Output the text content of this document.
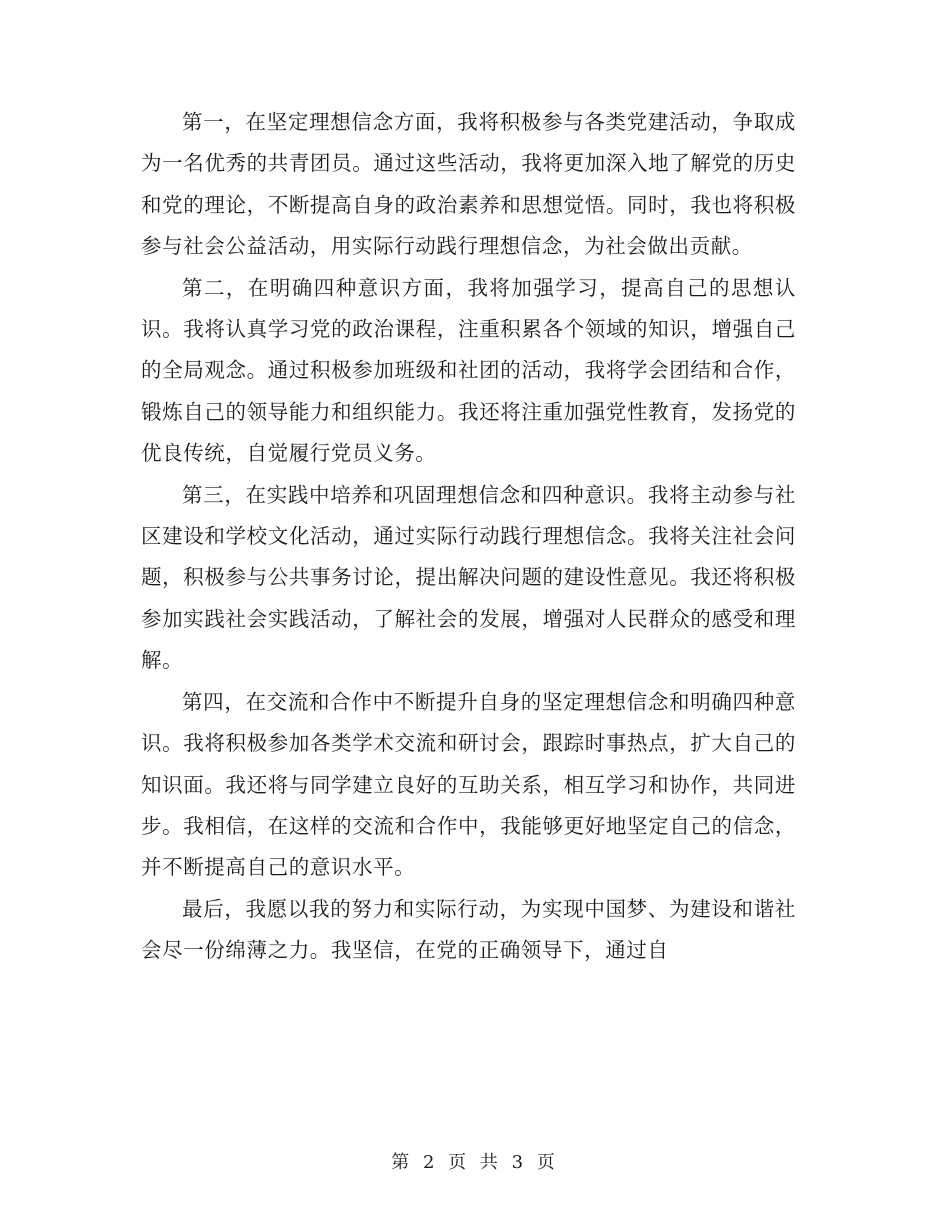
第一，在坚定理想信念方面，我将积极参与各类党建活动，争取成为一名优秀的共青团员。通过这些活动，我将更加深入地了解党的历史和党的理论，不断提高自身的政治素养和思想觉悟。同时，我也将积极参与社会公益活动，用实际行动践行理想信念，为社会做出贡献。

第二，在明确四种意识方面，我将加强学习，提高自己的思想认识。我将认真学习党的政治课程，注重积累各个领域的知识，增强自己的全局观念。通过积极参加班级和社团的活动，我将学会团结和合作，锻炼自己的领导能力和组织能力。我还将注重加强党性教育，发扬党的优良传统，自觉履行党员义务。

第三，在实践中培养和巩固理想信念和四种意识。我将主动参与社区建设和学校文化活动，通过实际行动践行理想信念。我将关注社会问题，积极参与公共事务讨论，提出解决问题的建设性意见。我还将积极参加实践社会实践活动，了解社会的发展，增强对人民群众的感受和理解。

第四，在交流和合作中不断提升自身的坚定理想信念和明确四种意识。我将积极参加各类学术交流和研讨会，跟踪时事热点，扩大自己的知识面。我还将与同学建立良好的互助关系，相互学习和协作，共同进步。我相信，在这样的交流和合作中，我能够更好地坚定自己的信念，并不断提高自己的意识水平。

最后，我愿以我的努力和实际行动，为实现中国梦、为建设和谐社会尽一份绵薄之力。我坚信，在党的正确领导下，通过自

第 2 页 共 3 页
